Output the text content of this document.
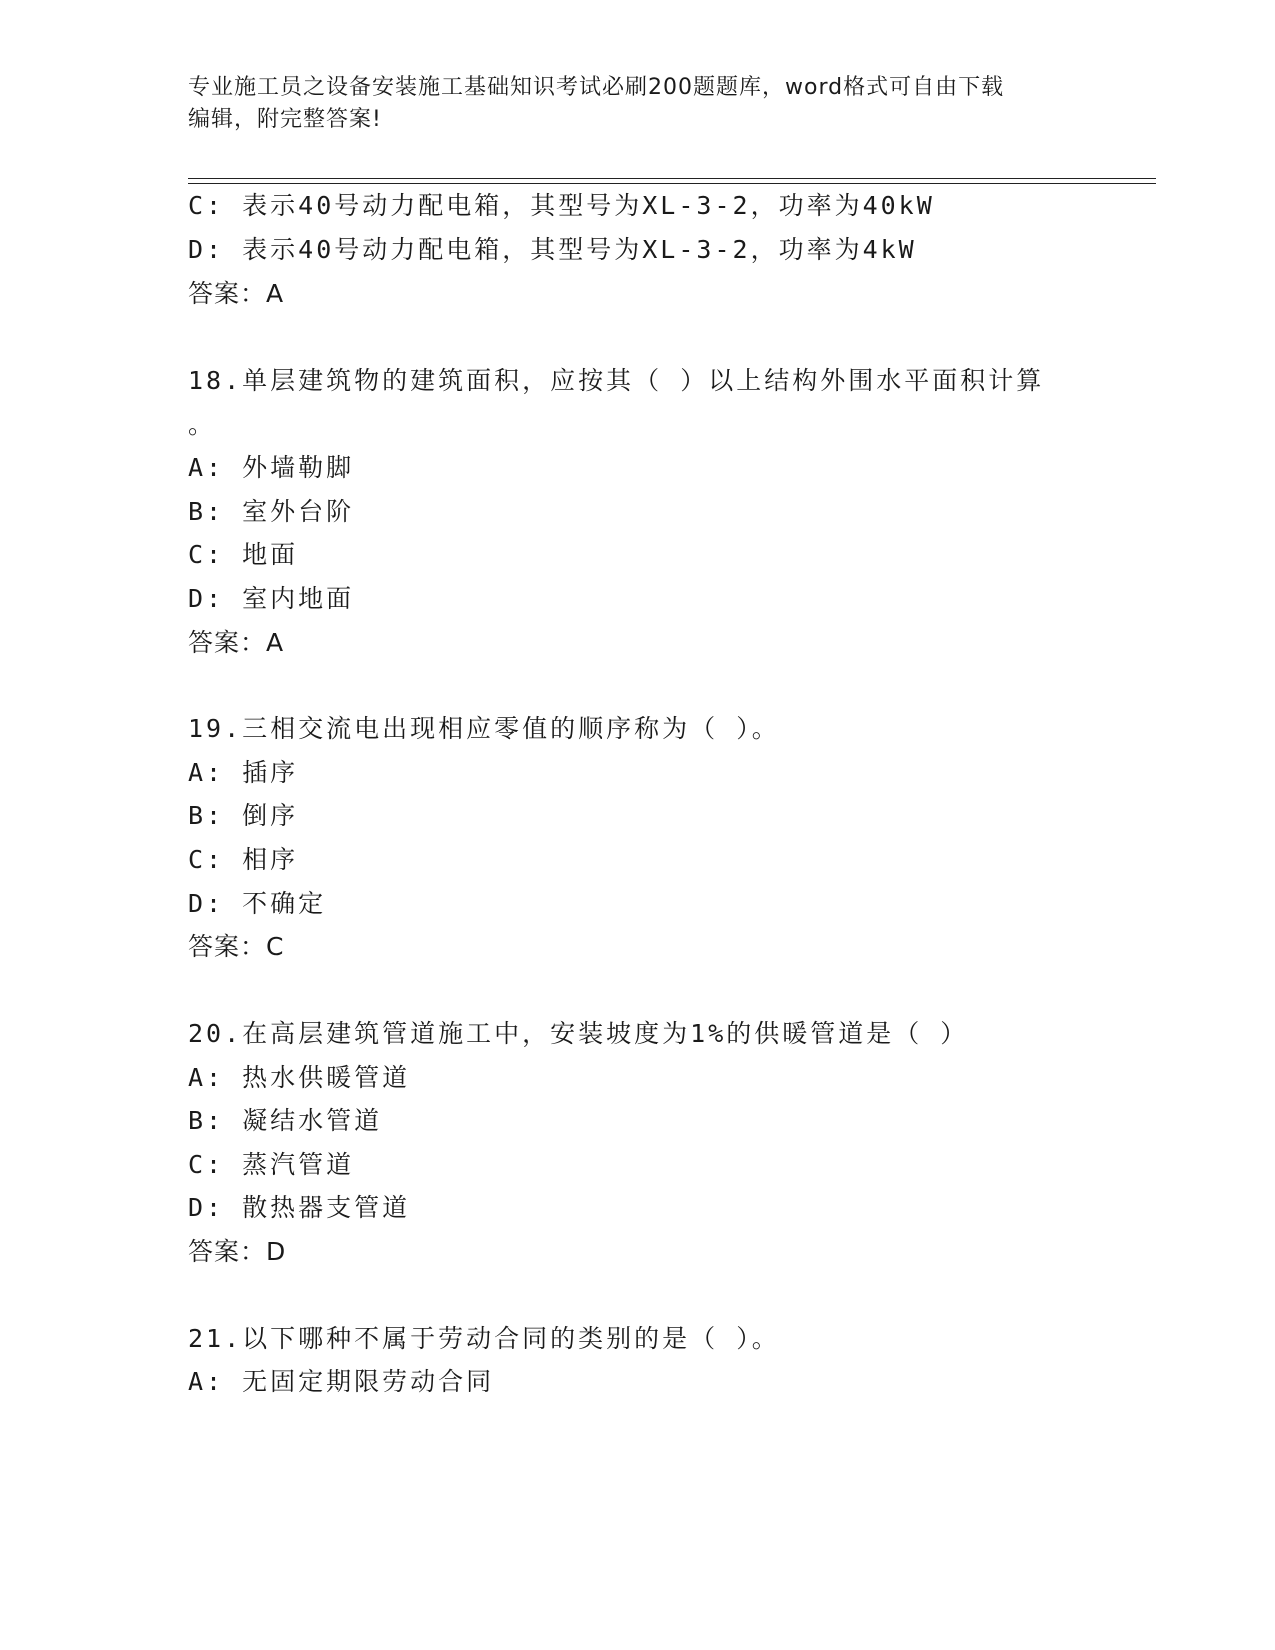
专业施工员之设备安装施工基础知识考试必刷200题题库，word格式可自由下载
编辑，附完整答案!
C: 表示40号动力配电箱，其型号为XL-3-2，功率为40kW
D: 表示40号动力配电箱，其型号为XL-3-2，功率为4kW
答案：A
18.单层建筑物的建筑面积，应按其（ ）以上结构外围水平面积计算
。
A: 外墙勒脚
B: 室外台阶
C: 地面
D: 室内地面
答案：A
19.三相交流电出现相应零值的顺序称为（ ）。
A: 插序
B: 倒序
C: 相序
D: 不确定
答案：C
20.在高层建筑管道施工中，安装坡度为1%的供暖管道是（ ）
A: 热水供暖管道
B: 凝结水管道
C: 蒸汽管道
D: 散热器支管道
答案：D
21.以下哪种不属于劳动合同的类别的是（ ）。
A: 无固定期限劳动合同
